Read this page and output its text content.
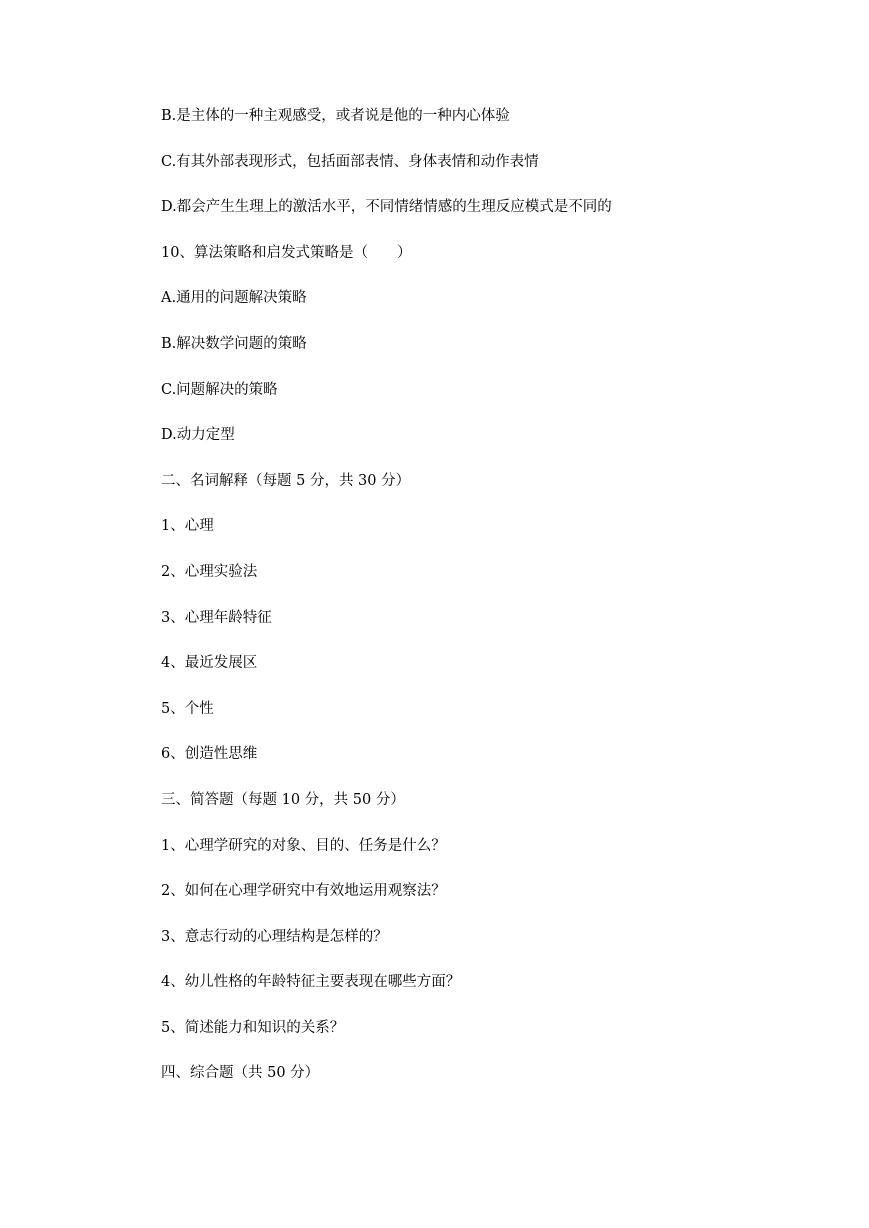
B.是主体的一种主观感受，或者说是他的一种内心体验

C.有其外部表现形式，包括面部表情、身体表情和动作表情

D.都会产生生理上的激活水平，不同情绪情感的生理反应模式是不同的

10、算法策略和启发式策略是（　　）

A.通用的问题解决策略

B.解决数学问题的策略

C.问题解决的策略

D.动力定型

二、名词解释（每题 5 分，共 30 分）

1、心理

2、心理实验法

3、心理年龄特征

4、最近发展区

5、个性

6、创造性思维

三、简答题（每题 10 分，共 50 分）

1、心理学研究的对象、目的、任务是什么？

2、如何在心理学研究中有效地运用观察法？

3、意志行动的心理结构是怎样的？

4、幼儿性格的年龄特征主要表现在哪些方面？

5、简述能力和知识的关系？

四、综合题（共 50 分）
